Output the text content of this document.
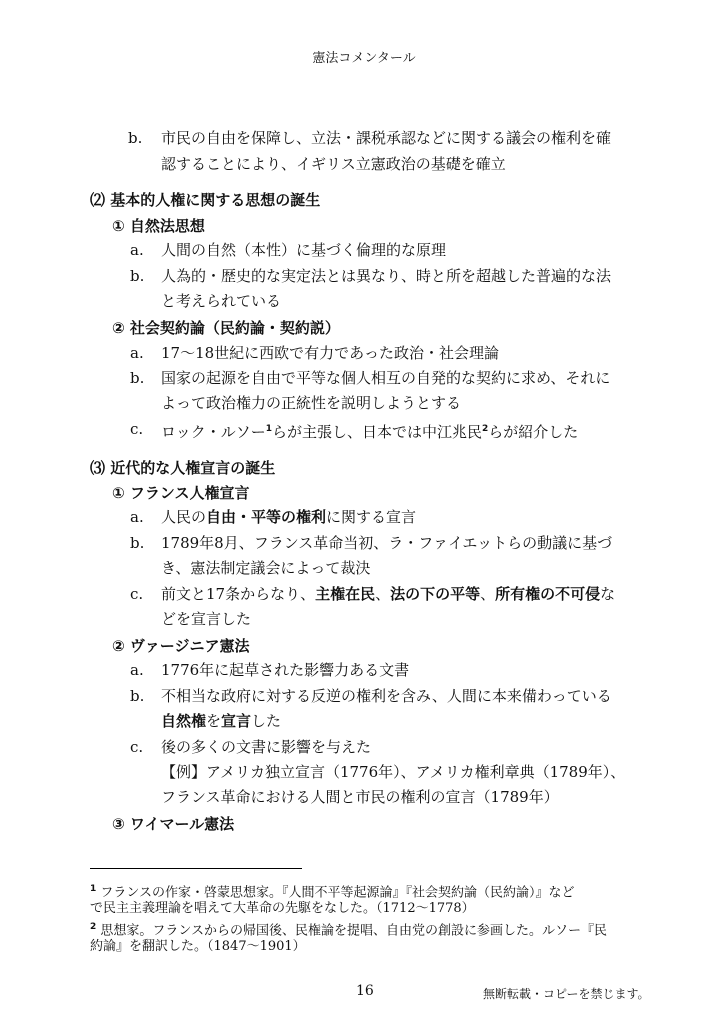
憲法コメンタール
b. 市民の自由を保障し、立法・課税承認などに関する議会の権利を確
認することにより、イギリス立憲政治の基礎を確立
⑵ 基本的人権に関する思想の誕生
① 自然法思想
a. 人間の自然（本性）に基づく倫理的な原理
b. 人為的・歴史的な実定法とは異なり、時と所を超越した普遍的な法
と考えられている
② 社会契約論（民約論・契約説）
a. 17～18世紀に西欧で有力であった政治・社会理論
b. 国家の起源を自由で平等な個人相互の自発的な契約に求め、それに
よって政治権力の正統性を説明しようとする
c. ロック・ルソー$^1$らが主張し、日本では中江兆民$^2$らが紹介した
⑶ 近代的な人権宣言の誕生
① フランス人権宣言
a. 人民の自由・平等の権利に関する宣言
b. 1789年8月、フランス革命当初、ラ・ファイエットらの動議に基づ
き、憲法制定議会によって裁決
c. 前文と17条からなり、主権在民、法の下の平等、所有権の不可侵な
どを宣言した
② ヴァージニア憲法
a. 1776年に起草された影響力ある文書
b. 不相当な政府に対する反逆の権利を含み、人間に本来備わっている
自然権を宣言した
c. 後の多くの文書に影響を与えた
【例】アメリカ独立宣言（1776年）、アメリカ権利章典（1789年）、
フランス革命における人間と市民の権利の宣言（1789年）
③ ワイマール憲法
$^1$ フランスの作家・啓蒙思想家。『人間不平等起源論』『社会契約論（民約論）』など
で民主主義理論を唱えて大革命の先駆をなした。（1712～1778）
$^2$ 思想家。フランスからの帰国後、民権論を提唱、自由党の創設に参画した。ルソー『民
約論』を翻訳した。（1847～1901）
16	無断転載・コピーを禁じます。
